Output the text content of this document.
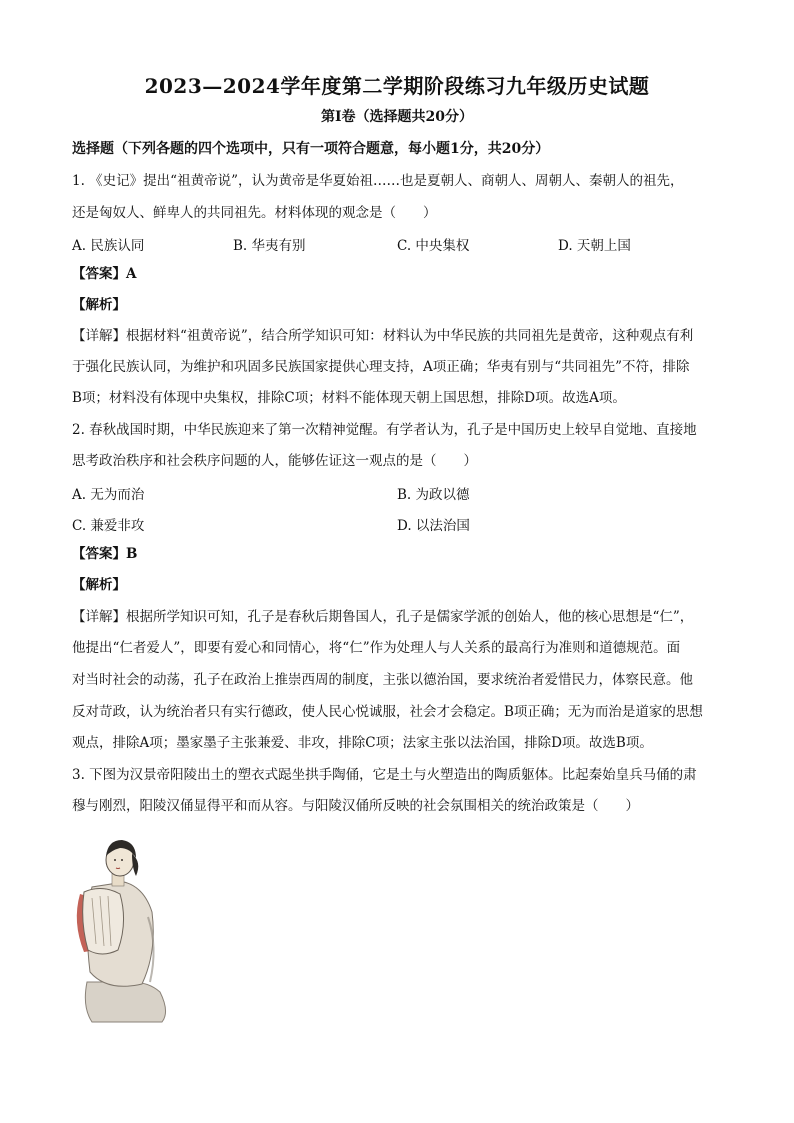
2023—2024学年度第二学期阶段练习九年级历史试题
第Ⅰ卷（选择题共20分）
选择题（下列各题的四个选项中，只有一项符合题意，每小题1分，共20分）
1. 《史记》提出“祖黄帝说”，认为黄帝是华夏始祖……也是夏朝人、商朝人、周朝人、秦朝人的祖先，
还是匈奴人、鲜卑人的共同祖先。材料体现的观念是（　　）
A. 民族认同	B. 华夷有别	C. 中央集权	D. 天朝上国
【答案】A
【解析】
【详解】根据材料“祖黄帝说”，结合所学知识可知：材料认为中华民族的共同祖先是黄帝，这种观点有利
于强化民族认同，为维护和巩固多民族国家提供心理支持，A项正确；华夷有别与“共同祖先”不符，排除
B项；材料没有体现中央集权，排除C项；材料不能体现天朝上国思想，排除D项。故选A项。
2. 春秋战国时期，中华民族迎来了第一次精神觉醒。有学者认为，孔子是中国历史上较早自觉地、直接地
思考政治秩序和社会秩序问题的人，能够佐证这一观点的是（　　）
A. 无为而治	B. 为政以德
C. 兼爱非攻	D. 以法治国
【答案】B
【解析】
【详解】根据所学知识可知，孔子是春秋后期鲁国人，孔子是儒家学派的创始人，他的核心思想是“仁”，
他提出“仁者爱人”，即要有爱心和同情心，将“仁”作为处理人与人关系的最高行为准则和道德规范。面
对当时社会的动荡，孔子在政治上推崇西周的制度，主张以德治国，要求统治者爱惜民力，体察民意。他
反对苛政，认为统治者只有实行德政，使人民心悦诚服，社会才会稳定。B项正确；无为而治是道家的思想
观点，排除A项；墨家墨子主张兼爱、非攻，排除C项；法家主张以法治国，排除D项。故选B项。
3. 下图为汉景帝阳陵出土的塑衣式跽坐拱手陶俑，它是土与火塑造出的陶质躯体。比起秦始皇兵马俑的肃
穆与刚烈，阳陵汉俑显得平和而从容。与阳陵汉俑所反映的社会氛围相关的统治政策是（　　）
